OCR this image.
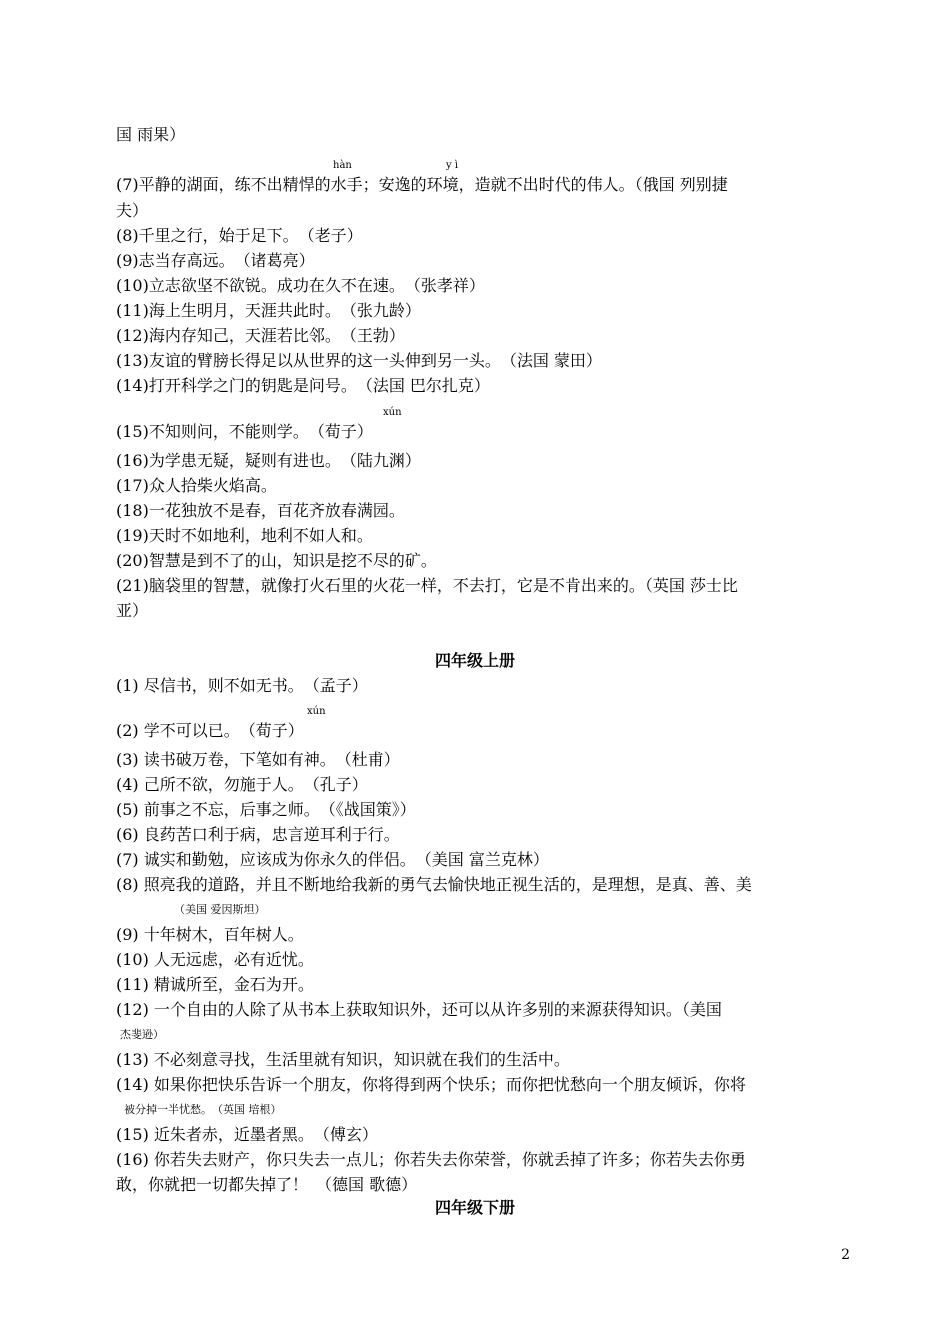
国 雨果）
hàn	y ì
(7)平静的湖面，练不出精悍的水手；安逸的环境，造就不出时代的伟人。（俄国 列别捷
夫）
(8)千里之行，始于足下。　（老子）
(9)志当存高远。　（诸葛亮）
(10)立志欲坚不欲锐。成功在久不在速。　（张孝祥）
(11)海上生明月，天涯共此时。　（张九龄）
(12)海内存知己，天涯若比邻。　（王勃）
(13)友谊的臂膀长得足以从世界的这一头伸到另一头。　（法国 蒙田）
(14)打开科学之门的钥匙是问号。　（法国 巴尔扎克）
xún
(15)不知则问，不能则学。　（荀子）
(16)为学患无疑，疑则有进也。　（陆九渊）
(17)众人拾柴火焰高。
(18)一花独放不是春，百花齐放春满园。
(19)天时不如地利，地利不如人和。
(20)智慧是到不了的山，知识是挖不尽的矿。
(21)脑袋里的智慧，就像打火石里的火花一样，不去打，它是不肯出来的。（英国 莎士比
亚）
四年级上册
(1) 尽信书，则不如无书。　（孟子）
xún
(2) 学不可以已。　（荀子）
(3) 读书破万卷，下笔如有神。　（杜甫）
(4) 己所不欲，勿施于人。　（孔子）
(5) 前事之不忘，后事之师。　（《战国策》）
(6) 良药苦口利于病，忠言逆耳利于行。
(7) 诚实和勤勉，应该成为你永久的伴侣。　（美国 富兰克林）
(8) 照亮我的道路，并且不断地给我新的勇气去愉快地正视生活的，是理想，是真、善、美
（美国 爱因斯坦）
(9) 十年树木，百年树人。
(10) 人无远虑，必有近忧。
(11) 精诚所至，金石为开。
(12) 一个自由的人除了从书本上获取知识外，还可以从许多别的来源获得知识。（美国
杰斐逊）
(13) 不必刻意寻找，生活里就有知识，知识就在我们的生活中。
(14) 如果你把快乐告诉一个朋友，你将得到两个快乐；而你把忧愁向一个朋友倾诉，你将
被分掉一半忧愁。　（英国 培根）
(15) 近朱者赤，近墨者黑。　（傅玄）
(16) 你若失去财产，你只失去一点儿；你若失去你荣誉，你就丢掉了许多；你若失去你勇
敢，你就把一切都失掉了！　（德国 歌德）
四年级下册
2
